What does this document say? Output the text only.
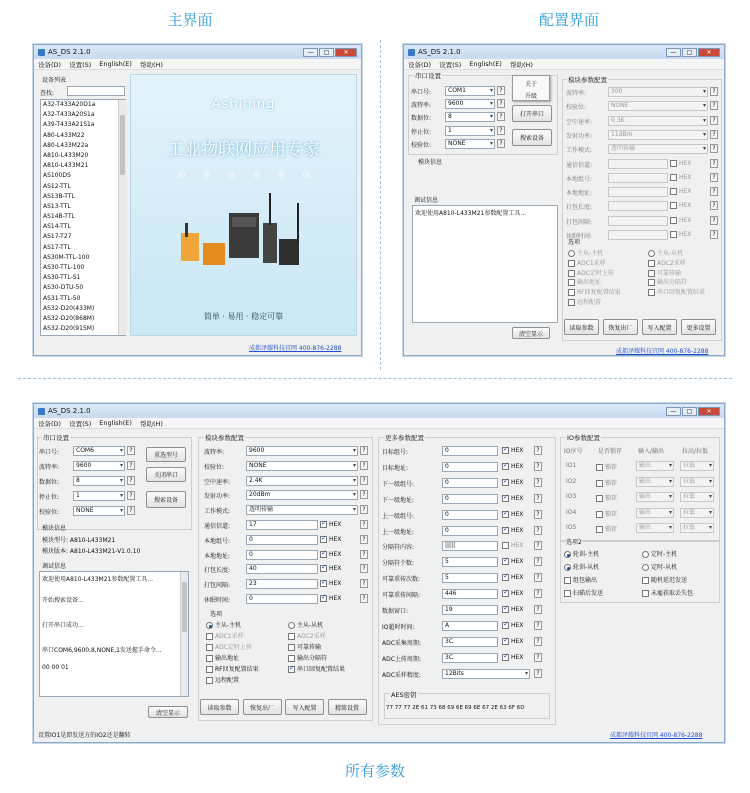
主界面	配置界面
所有参数
AS_DS 2.1.0	—	□	✕
设备(D) 设置(S) English(E) 帮助(H)
设备列表
查找:
A32-T433A20D1a
A32-T433A20S1a
A39-T433A21S1a
A80-L433M22
A80-L433M22a
A810-L433M20
A810-L433M21
AS100DS
AS12-TTL
AS13B-TTL
AS13-TTL
AS14B-TTL
AS14-TTL
AS17-T27
AS17-TTL
AS30M-TTL-100
AS30-TTL-100
AS30-TTL-S1
AS30-DTU-50
AS31-TTL-50
AS32-D20(433M)
AS32-D20(868M)
AS32-D20(915M)
Ashining
工业物联网应用专家
◎ ◎ ◎ ◎ ◎ ◎
简单 · 易用 · 稳定可靠
成都泽耀科技官网 400-876-2288
AS_DS 2.1.0	—	□	✕
设备(D) 设置(S) English(E) 帮助(H)
串口设置
串口号:	COM1 ▾	?
波特率:	9600 ▾	?
数据位:	8 ▾	?
停止位:	1 ▾	?
校验位:	NONE ▾	?
关于
升级
打开串口
搜索设备
模块信息
调试信息
欢迎使用A810-L433M21参数配置工具...
清空显示
模块参数配置
波特率:	300 ▾	?
校验位:	NONE ▾	?
空中速率:	0.3K ▾	?
发射功率:	11dBm ▾	?
工作模式:	透明传输 ▾	?
通信信道:	HEX	?
本地组号:	HEX	?
本地地址:	HEX	?
打包长度:	HEX	?
打包间隔:	HEX	?
休眠时间:	HEX	?
选项
主从-主机	主从-从机
ADC1采样	ADC2采样
ADC定时上传	可靠传输
输出地址	输出分隔符
RF回复配置结果	串口回复配置结果
远程配置
读取参数	恢复出厂	写入配置	更多设置
成都泽耀科技官网 400-876-2288
AS_DS 2.1.0	—	□	✕
设备(D) 设置(S) English(E) 帮助(H)
串口设置
串口号:	COM6 ▾	?
波特率:	9600 ▾	?
数据位:	8 ▾	?
停止位:	1 ▾	?
校验位:	NONE ▾	?
重选型号
关闭串口
搜索设备
模块信息
模块型号: A810-L433M21
模块版本: A810-L433M21-V1.0.10
调试信息
欢迎使用A810-L433M21参数配置工具...
开始搜索设备...
打开串口成功...
串口COM6,9600,8,NONE,1发送握手命令...
00 00 01
清空显示
模块参数配置
波特率:	9600 ▾	?
校验位:	NONE ▾	?
空中速率:	2.4K ▾	?
发射功率:	20dBm ▾	?
工作模式:	透明传输 ▾	?
通信信道:	17 ✓	HEX	?
本地组号:	0 ✓	HEX	?
本地地址:	0 ✓	HEX	?
打包长度:	40 ✓	HEX	?
打包间隔:	23 ✓	HEX	?
休眠时间:	0 ✓	HEX	?
选项
主从-主机	主从-从机
ADC1采样	ADC2采样
ADC定时上传	可靠传输
输出地址	输出分隔符
RF回复配置结果 ✓	串口回复配置结果
远程配置
读取参数	恢复出厂	写入配置	精简设置
更多参数配置
目标组号:	0 ✓	HEX	?
目标地址:	0 ✓	HEX	?
下一级组号:	0 ✓	HEX	?
下一级地址:	0 ✓	HEX	?
上一级组号:	0 ✓	HEX	?
上一级地址:	0 ✓	HEX	?
分隔符内容:	|||||	HEX	?
分隔符个数:	5 ✓	HEX	?
可靠重传次数:	5 ✓	HEX	?
可靠重传间隔:	446 ✓	HEX	?
数据窗口:	19 ✓	HEX	?
IO超时时间:	A ✓	HEX	?
ADC采集周期:	3C ✓	HEX	?
ADC上传周期:	3C ✓	HEX	?
ADC采样精度:	12Bits ▾	?
AES密钥
77 77 77 2E 61 73 68 69 6E 69 6E 67 2E 63 6F 6D
IO参数配置
IO序号	是否锁存	输入/输出	拉高/拉低
IO1	锁存	输出 ▾	拉低 ▾
IO2	锁存	输出 ▾	拉低 ▾
IO3	锁存	输出 ▾	拉低 ▾
IO4	锁存	输出 ▾	拉低 ▾
IO5	锁存	输出 ▾	拉低 ▾
选项2
轮训-主机	定时-主机
轮训-从机	定时-从机
组包输出	随机延迟发送
扫描后发送	未雇获取丢失包
设置IO1是即发送方的IO2还是翻转	成都泽耀科技官网 400-876-2288
